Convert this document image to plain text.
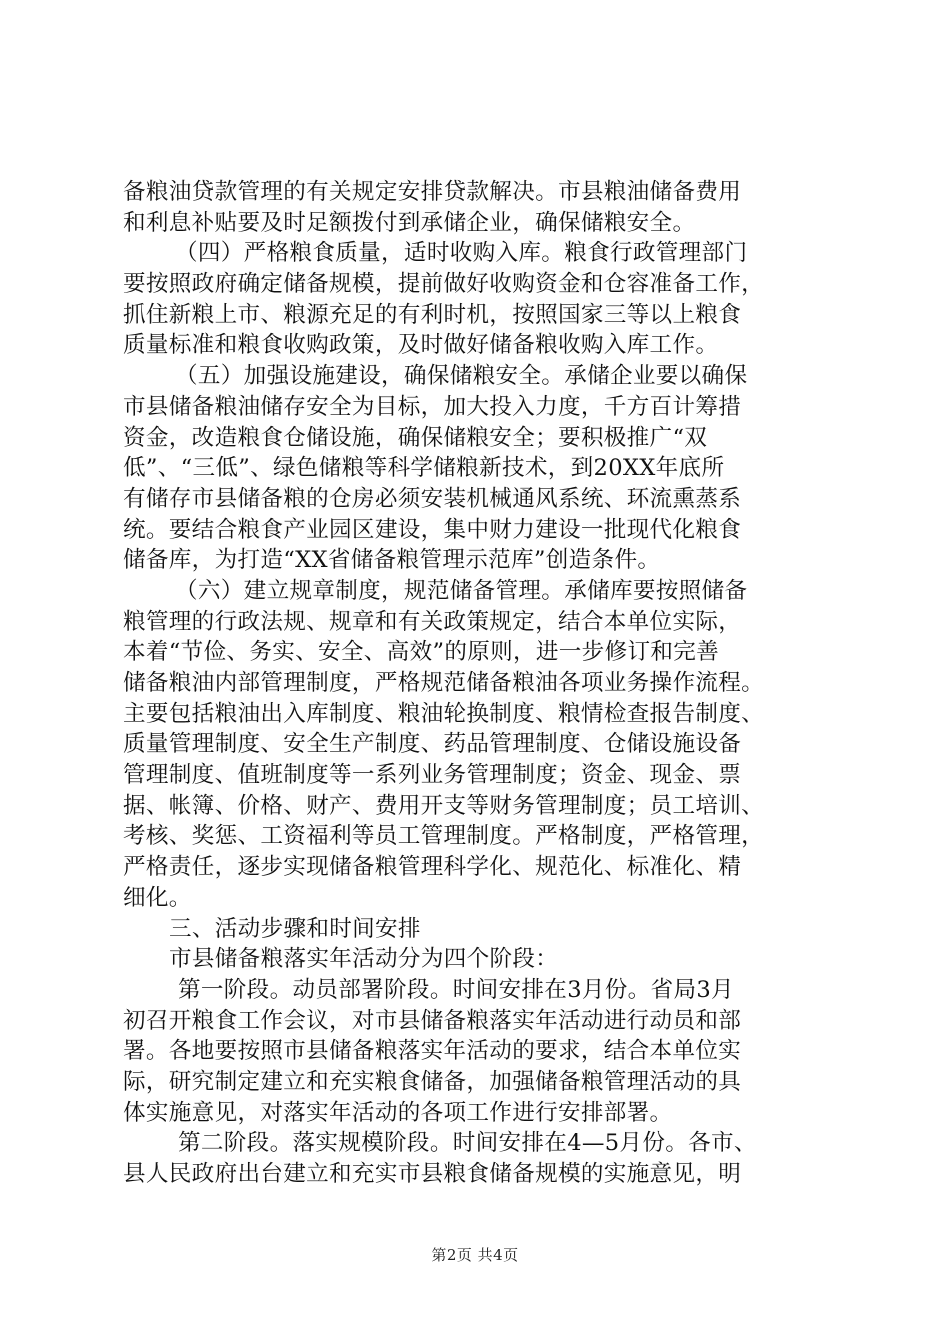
备粮油贷款管理的有关规定安排贷款解决。市县粮油储备费用
和利息补贴要及时足额拨付到承储企业，确保储粮安全。
（四）严格粮食质量，适时收购入库。粮食行政管理部门
要按照政府确定储备规模，提前做好收购资金和仓容准备工作，
抓住新粮上市、粮源充足的有利时机，按照国家三等以上粮食
质量标准和粮食收购政策，及时做好储备粮收购入库工作。
（五）加强设施建设，确保储粮安全。承储企业要以确保
市县储备粮油储存安全为目标，加大投入力度，千方百计筹措
资金，改造粮食仓储设施，确保储粮安全；要积极推广“双
低”、“三低”、绿色储粮等科学储粮新技术，到20XX年底所
有储存市县储备粮的仓房必须安装机械通风系统、环流熏蒸系
统。要结合粮食产业园区建设，集中财力建设一批现代化粮食
储备库，为打造“XX省储备粮管理示范库”创造条件。
（六）建立规章制度，规范储备管理。承储库要按照储备
粮管理的行政法规、规章和有关政策规定，结合本单位实际，
本着“节俭、务实、安全、高效”的原则，进一步修订和完善
储备粮油内部管理制度，严格规范储备粮油各项业务操作流程。
主要包括粮油出入库制度、粮油轮换制度、粮情检查报告制度、
质量管理制度、安全生产制度、药品管理制度、仓储设施设备
管理制度、值班制度等一系列业务管理制度；资金、现金、票
据、帐簿、价格、财产、费用开支等财务管理制度；员工培训、
考核、奖惩、工资福利等员工管理制度。严格制度，严格管理，
严格责任，逐步实现储备粮管理科学化、规范化、标准化、精
细化。
三、活动步骤和时间安排
市县储备粮落实年活动分为四个阶段：
第一阶段。动员部署阶段。时间安排在3月份。省局3月
初召开粮食工作会议，对市县储备粮落实年活动进行动员和部
署。各地要按照市县储备粮落实年活动的要求，结合本单位实
际，研究制定建立和充实粮食储备，加强储备粮管理活动的具
体实施意见，对落实年活动的各项工作进行安排部署。
第二阶段。落实规模阶段。时间安排在4—5月份。各市、
县人民政府出台建立和充实市县粮食储备规模的实施意见，明
第2页 共4页
